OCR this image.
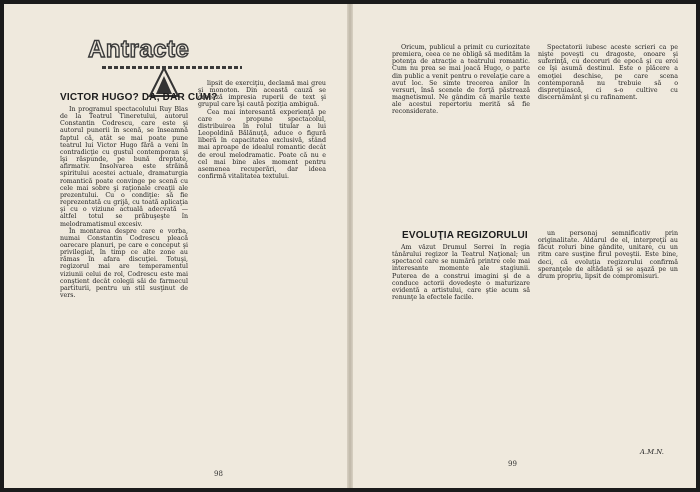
Antracte
VICTOR HUGO? DA, DAR CUM?

In programul spectacolului Ruy Blas de la Teatrul Tineretului, autorul Constantin Codrescu, care este şi autorul punerii în scenă, se înseamnă faptul că, atât se mai poate pune teatrul lui Victor Hugo fără a veni în contradicţie cu gustul contemporan şi îşi răspunde, pe bună dreptate, afirmativ. Insolvarea este străină spiritului acestei actuale, dramaturgia romantică poate convinge pe scenă cu cele mai sobre şi raţionale creaţii ale prezentului. Cu o condiţie: să fie reprezentată cu grijă, cu toată aplicaţia şi cu o viziune actuală adecvată — altfel totul se prăbuşeşte în melodramatismul excesiv.

În montarea despre care e vorba, numai Constantin Codrescu pleacă oarecare planuri, pe care e conceput şi privilegiat, în timp ce alte zone au rămas în afara discuţiei. Totuşi, regizorul mai are temperamentul viziunii celui de rol, Codrescu este mai conştient decât colegii săi de farmecul partiturii, pentru un stil susţinut de vers.

lipsit de exerciţiu, declamă mai greu şi monoton. Din această cauză se creează impresia ruperii de text şi grupul care îşi caută poziţia ambiguă.

Cea mai interesantă experienţă pe care o propune spectacolul, distribuirea în rolul titular a lui Leopoldină Bălănuţă, aduce o figură liberă în capacitatea exclusivă, stând mai aproape de idealul romantic decât de eroul melodramatic. Poate că nu e cel mai bine ales moment pentru asemenea recuperări, dar ideea confirmă vitalitatea textului.

98

Oricum, publicul a primit cu curiozitate premiera, ceea ce ne obligă să medităm la potenţa de atracţie a teatrului romantic. Cum nu prea se mai joacă Hugo, o parte din public a venit pentru o revelaţie care a avut loc. Se simte trecerea anilor în versuri, însă scenele de forţă păstrează magnetismul. Ne gândim că marile texte ale acestui repertoriu merită să fie reconsiderate.

Spectatorii iubesc aceste scrieri ca pe nişte poveşti cu dragoste, onoare şi suferinţă, cu decoruri de epocă şi cu eroi ce îşi asumă destinul. Este o plăcere a emoţiei deschise, pe care scena contemporană nu trebuie să o dispreţuiască, ci s-o cultive cu discernământ şi cu rafinament.

EVOLUŢIA REGIZORULUI

Am văzut Drumul Serrei în regia tânărului regizor la Teatrul Naţional; un spectacol care se numără printre cele mai interesante momente ale stagiunii. Puterea de a construi imagini şi de a conduce actorii dovedeşte o maturizare evidentă a artistului, care ştie acum să renunţe la efectele facile.

un personaj semnificativ prin originalitate. Aldarul de el, interpreţii au făcut roluri bine gândite, unitare, cu un ritm care susţine firul poveştii. Este bine, deci, că evoluţia regizorului confirmă speranţele de altădată şi se aşază pe un drum propriu, lipsit de compromisuri.

A.M.N.
99
